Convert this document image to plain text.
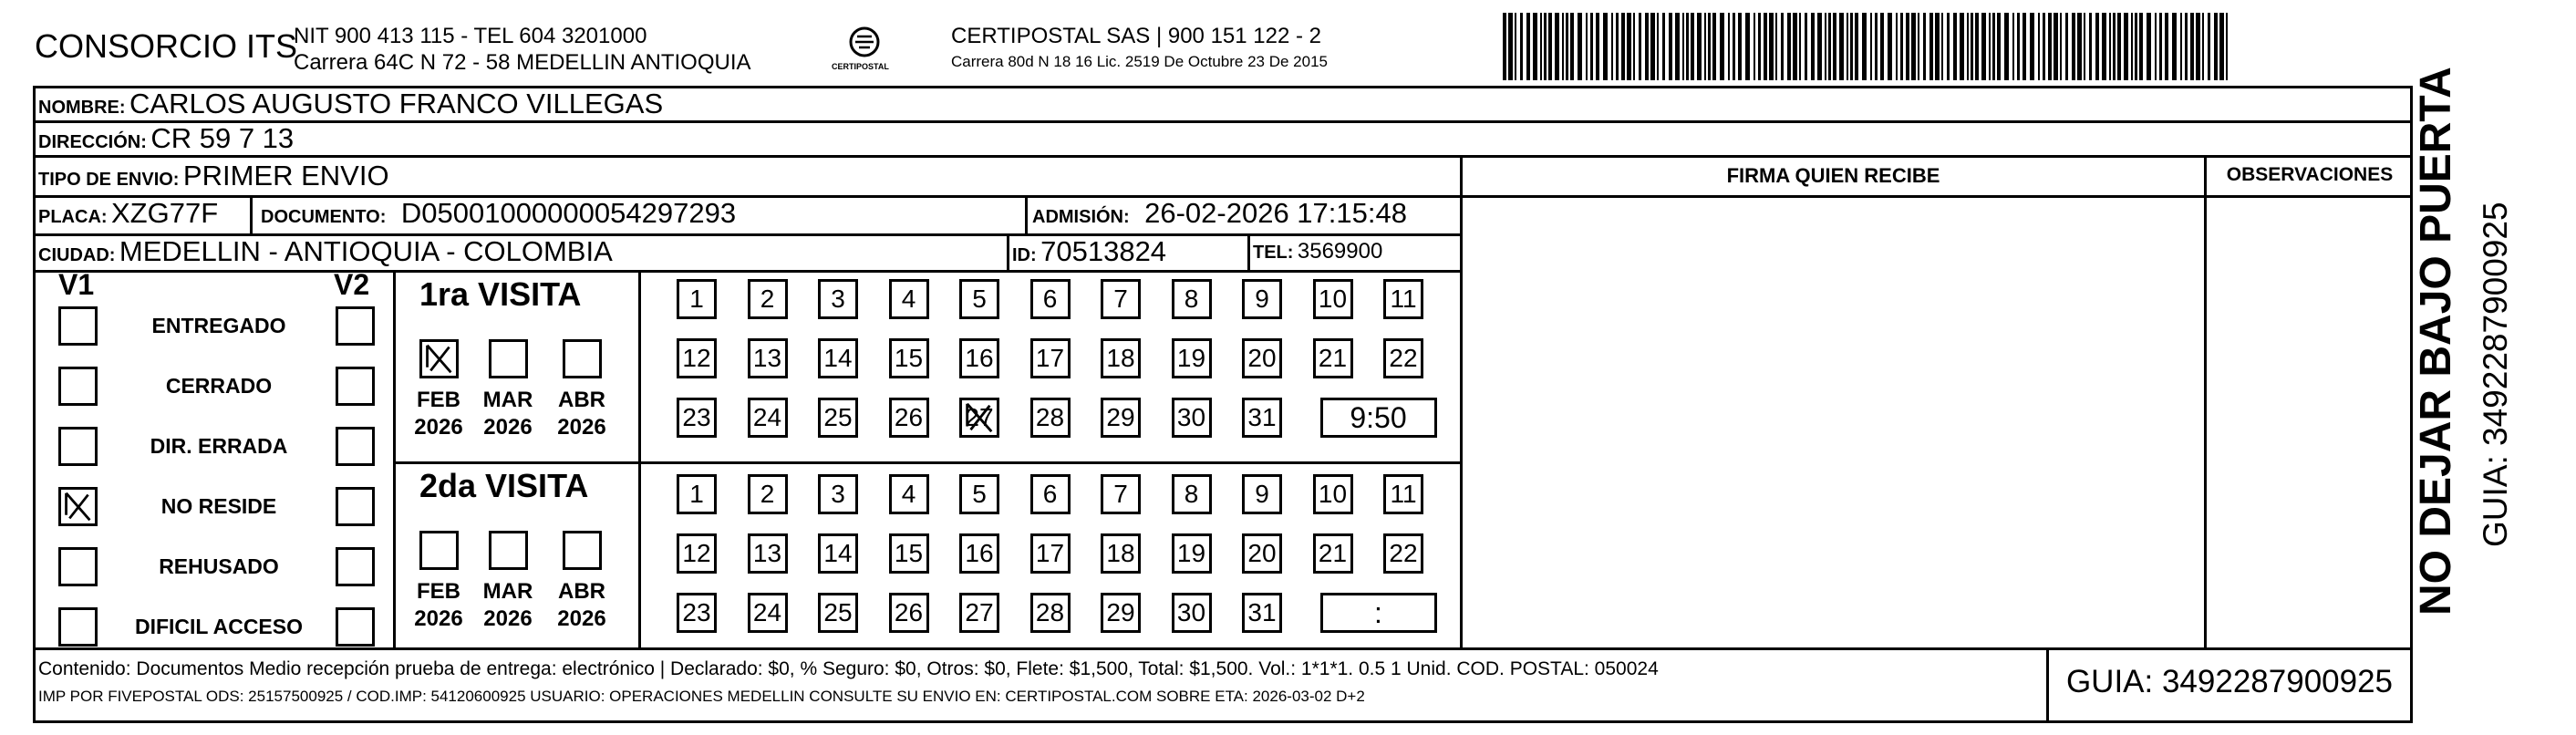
CONSORCIO ITS
NIT 900 413 115 - TEL 604 3201000
Carrera 64C N 72 - 58 MEDELLIN ANTIOQUIA	CERTIPOSTAL
CERTIPOSTAL SAS | 900 151 122 - 2
Carrera 80d N 18 16 Lic. 2519 De Octubre 23 De 2015
NOMBRE: CARLOS AUGUSTO FRANCO VILLEGAS
DIRECCIÓN: CR 59 7 13
TIPO DE ENVIO: PRIMER ENVIO
PLACA: XZG77F DOCUMENTO: D05001000000054297293	ADMISIÓN: 26-02-2026 17:15:48
CIUDAD: MEDELLIN - ANTIOQUIA - COLOMBIA	ID: 70513824	TEL: 3569900
FIRMA QUIEN RECIBE	OBSERVACIONES
V1	V2
ENTREGADO
CERRADO
DIR. ERRADA
NO RESIDE
REHUSADO
DIFICIL ACCESO
1ra VISITA
FEB
2026
MAR
2026
ABR
2026
1	2	3	4	5	6	7	8	9	10 11
12 13 14 15 16 17 18 19 20 21 22
23 24 25 26 27 28 29 30 31	9:50
2da VISITA
FEB
2026
MAR
2026
ABR
2026
1	2	3	4	5	6	7	8	9	10 11
12 13 14 15 16 17 18 19 20 21 22
23 24 25 26 27 28 29 30 31	:	NO DEJAR BAJO PUERTA GUIA: 3492287900925
Contenido: Documentos Medio recepción prueba de entrega: electrónico | Declarado: $0, % Seguro: $0, Otros: $0, Flete: $1,500, Total: $1,500. Vol.: 1*1*1. 0.5 1 Unid. COD. POSTAL: 050024
IMP POR FIVEPOSTAL ODS: 25157500925 / COD.IMP: 54120600925 USUARIO: OPERACIONES MEDELLIN CONSULTE SU ENVIO EN: CERTIPOSTAL.COM SOBRE ETA: 2026-03-02 D+2	GUIA: 3492287900925
